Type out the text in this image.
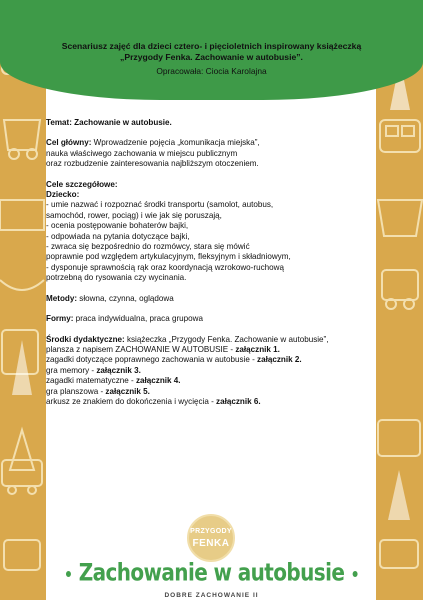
Scenariusz zajęć dla dzieci cztero- i pięcioletnich inspirowany książeczką
„Przygody Fenka. Zachowanie w autobusie”.
Opracowała: Ciocia Karolajna

Temat: Zachowanie w autobusie.

Cel główny: Wprowadzenie pojęcia „komunikacja miejska”,

nauka właściwego zachowania w miejscu publicznym

oraz rozbudzenie zainteresowania najbliższym otoczeniem.

Cele szczegółowe:

Dziecko:

- umie nazwać i rozpoznać środki transportu (samolot, autobus,

samochód, rower, pociąg) i wie jak się poruszają,

- ocenia postępowanie bohaterów bajki,

- odpowiada na pytania dotyczące bajki,

- zwraca się bezpośrednio do rozmówcy, stara się mówić

poprawnie pod względem artykulacyjnym, fleksyjnym i składniowym,

- dysponuje sprawnością rąk oraz koordynacją wzrokowo-ruchową

potrzebną do rysowania czy wycinania.

Metody: słowna, czynna, oglądowa

Formy: praca indywidualna, praca grupowa

Środki dydaktyczne: książeczka „Przygody Fenka. Zachowanie w autobusie”,

plansza z napisem ZACHOWANIE W AUTOBUSIE - załącznik 1.

zagadki dotyczące poprawnego zachowania w autobusie - załącznik 2.

gra memory - załącznik 3.

zagadki matematyczne - załącznik 4.

gra planszowa - załącznik 5.

arkusz ze znakiem do dokończenia i wycięcia - załącznik 6.

PRZYGODY
FENKA
• Zachowanie w autobusie •
DOBRE ZACHOWANIE II
